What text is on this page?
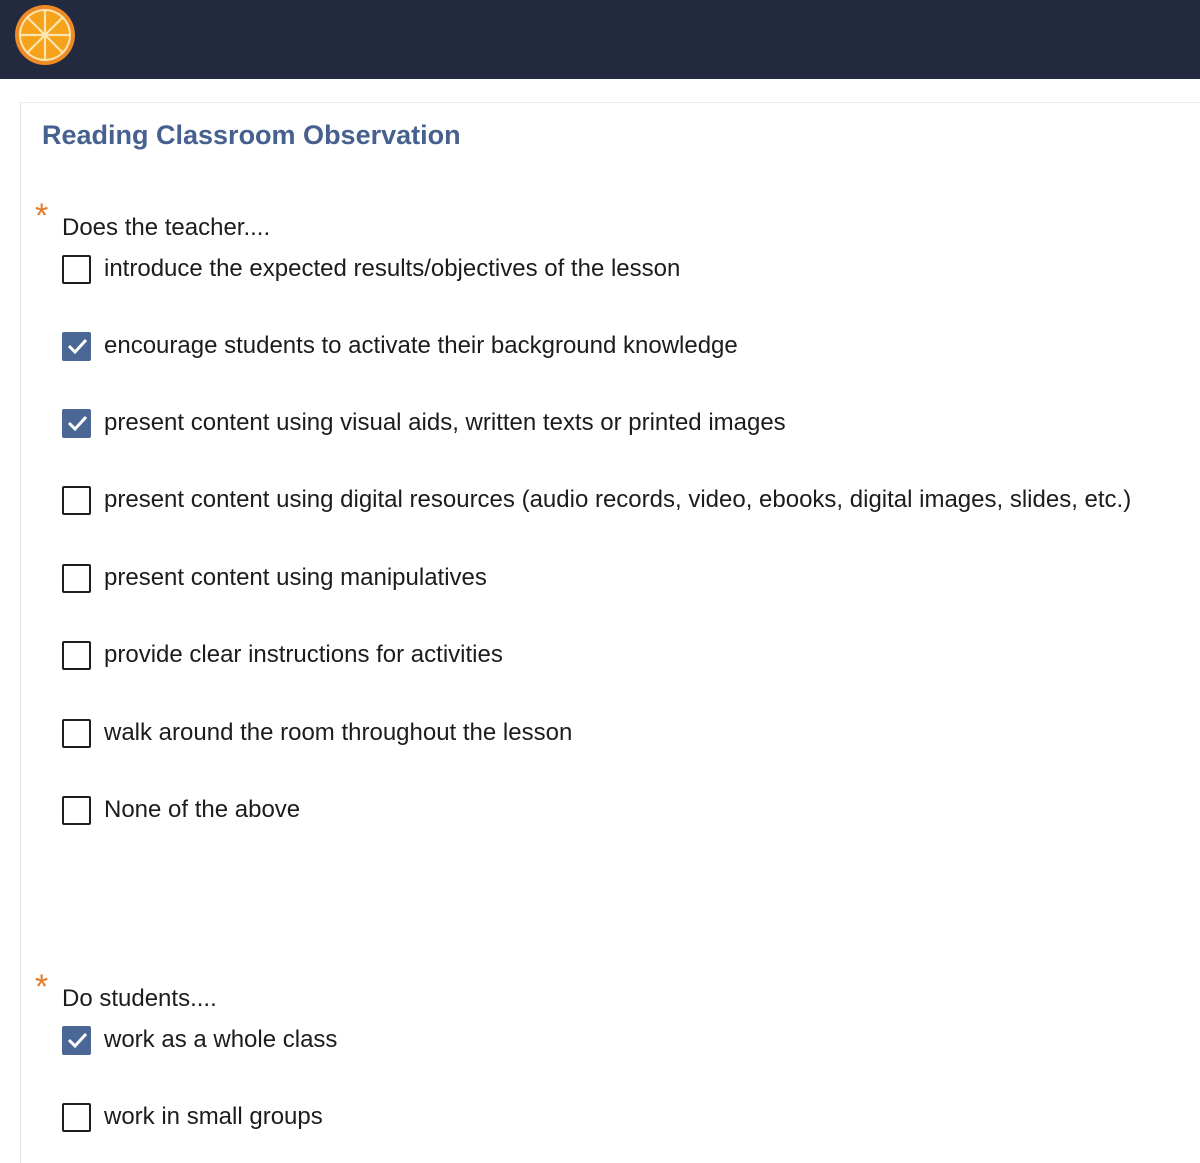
Reading Classroom Observation
* Does the teacher....
introduce the expected results/objectives of the lesson
encourage students to activate their background knowledge
present content using visual aids, written texts or printed images
present content using digital resources (audio records, video, ebooks, digital images, slides, etc.)
present content using manipulatives
provide clear instructions for activities
walk around the room throughout the lesson
None of the above
* Do students....
work as a whole class
work in small groups
